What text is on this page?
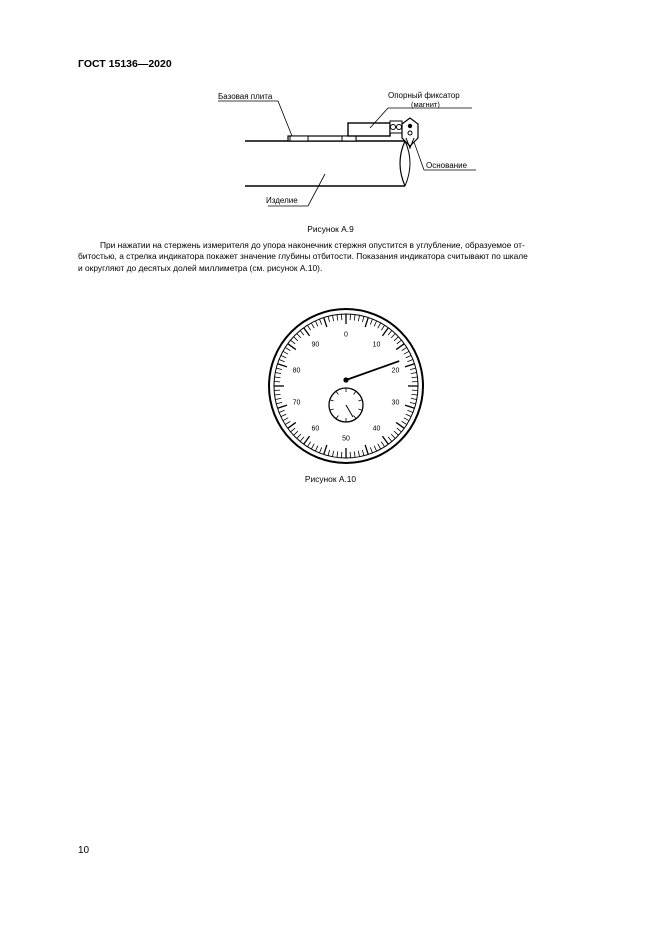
ГОСТ 15136—2020
Базовая плита	Опорный фиксатор
(магнит)
Основание
Изделие
Рисунок А.9

При нажатии на стержень измерителя до упора наконечник стержня опустится в углубление, образуемое от-

битостью, а стрелка индикатора покажет значение глубины отбитости. Показания индикатора считывают по шкале

и округляют до десятых долей миллиметра (см. рисунок А.10).

0
10
20
30
40
50
60
70
80
90
Рисунок А.10
10
